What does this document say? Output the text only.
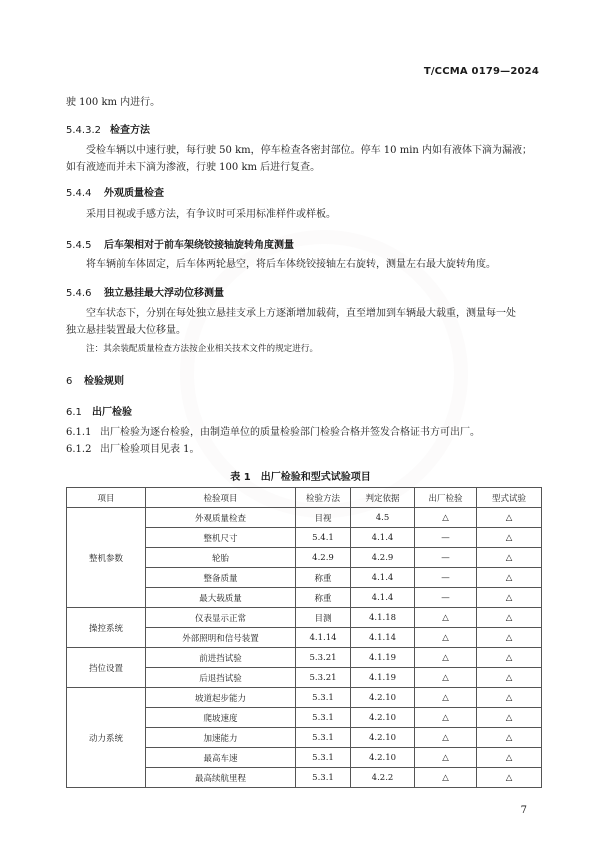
T/CCMA 0179—2024
驶 100 km 内进行。
5.4.3.2 检查方法
受检车辆以中速行驶，每行驶 50 km，停车检查各密封部位。停车 10 min 内如有液体下滴为漏液；
如有液迹而并未下滴为渗液，行驶 100 km 后进行复查。
5.4.4 外观质量检查
采用目视或手感方法，有争议时可采用标准样件或样板。
5.4.5 后车架相对于前车架绕铰接轴旋转角度测量
将车辆前车体固定，后车体两轮悬空，将后车体绕铰接轴左右旋转，测量左右最大旋转角度。
5.4.6 独立悬挂最大浮动位移测量
空车状态下，分别在每处独立悬挂支承上方逐渐增加载荷，直至增加到车辆最大载重，测量每一处
独立悬挂装置最大位移量。
注：其余装配质量检查方法按企业相关技术文件的规定进行。
6 检验规则
6.1 出厂检验
6.1.1 出厂检验为逐台检验，由制造单位的质量检验部门检验合格并签发合格证书方可出厂。
6.1.2 出厂检验项目见表 1。
表 1 出厂检验和型式试验项目
项目	检验项目	检验方法	判定依据	出厂检验	型式试验
整机参数	外观质量检查	目视	4.5	△	△
	整机尺寸	5.4.1	4.1.4	—	△
	轮胎	4.2.9	4.2.9	—	△
	整备质量	称重	4.1.4	—	△
	最大载质量	称重	4.1.4	—	△
操控系统	仪表显示正常	目测	4.1.18	△	△
	外部照明和信号装置	4.1.14	4.1.14	△	△
挡位设置	前进挡试验	5.3.21	4.1.19	△	△
	后退挡试验	5.3.21	4.1.19	△	△
动力系统	坡道起步能力	5.3.1	4.2.10	△	△
	爬坡速度	5.3.1	4.2.10	△	△
	加速能力	5.3.1	4.2.10	△	△
	最高车速	5.3.1	4.2.10	△	△
	最高续航里程	5.3.1	4.2.2	△	△
7
